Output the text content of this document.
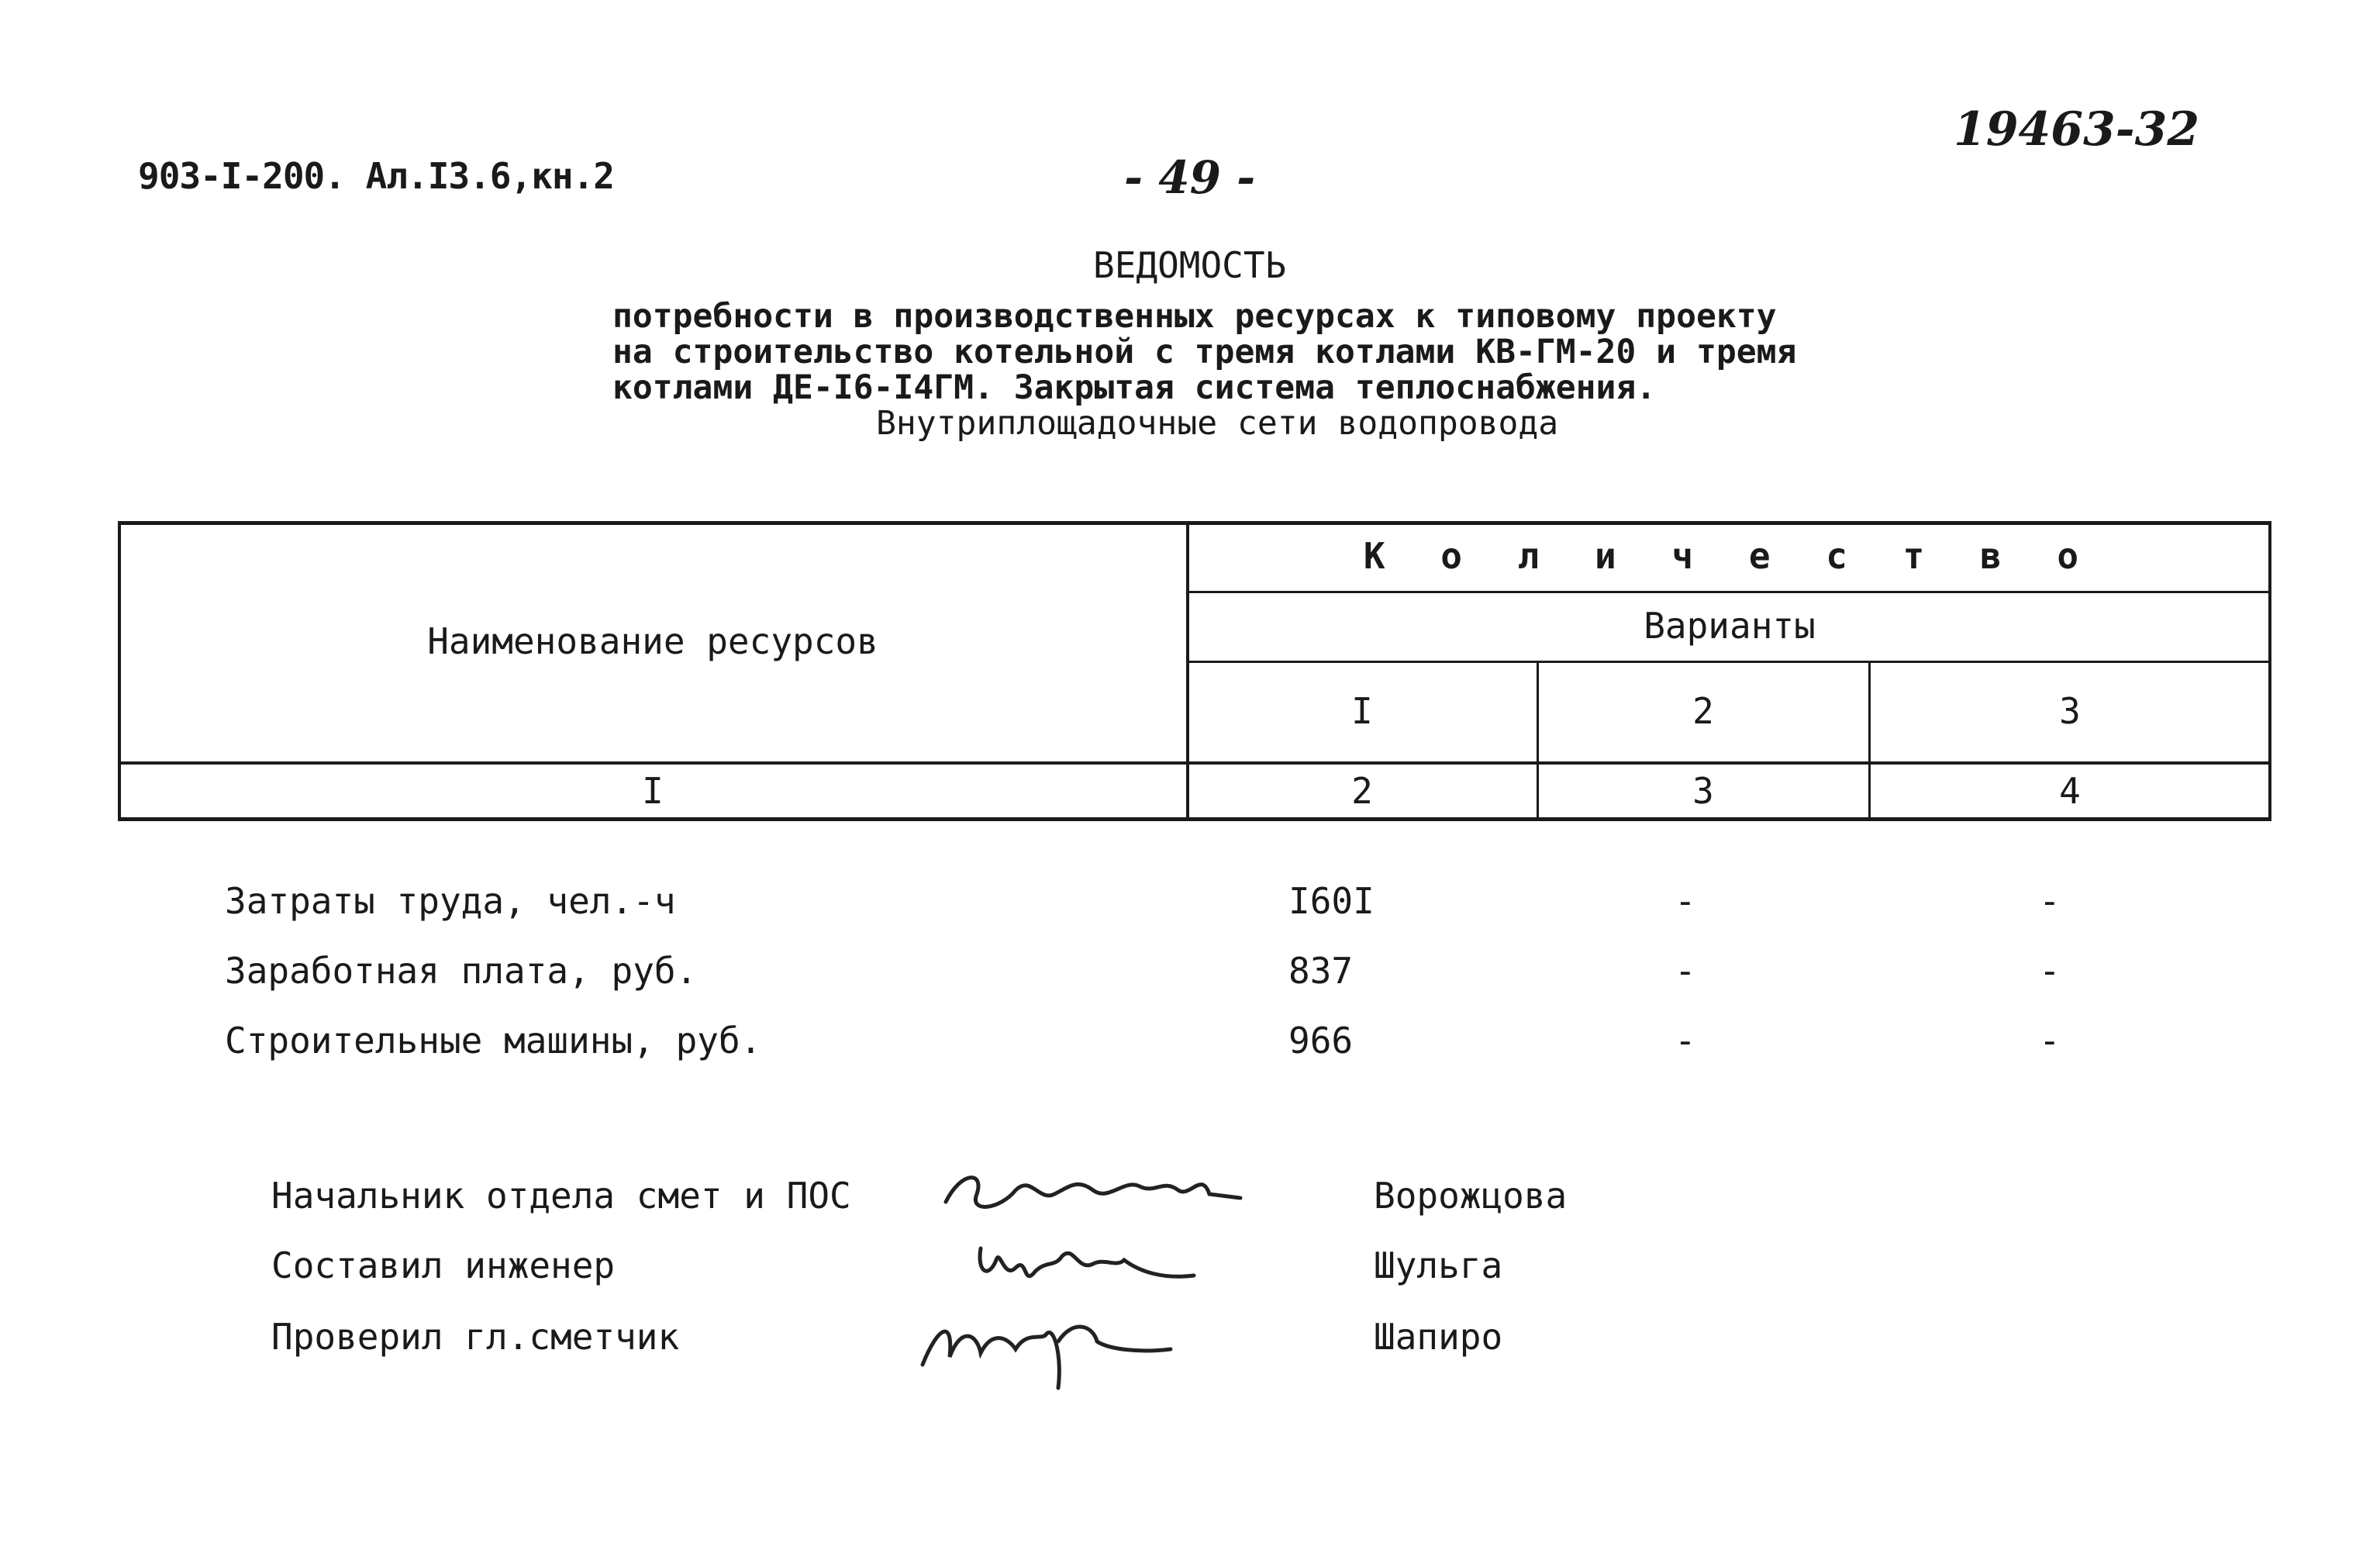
903-I-200. Ал.I3.6,кн.2	- 49 -
19463-32
ВЕДОМОСТЬ
потребности в производственных ресурсах к типовому проекту
на строительство котельной с тремя котлами КВ-ГМ-20 и тремя
котлами ДЕ-I6-I4ГМ. Закрытая система теплоснабжения.
Внутриплощадочные сети водопровода
Наименование ресурсов
К о л и ч е с т в о
Варианты
I	2	3
I	2	3	4
Затраты труда, чел.-ч	I60I	-	-
Заработная плата, руб.	837	-	-
Строительные машины, руб.	966	-	-
Начальник отдела смет и ПОС	Ворожцова
Составил инженер	Шульга
Проверил гл.сметчик	Шапиро
